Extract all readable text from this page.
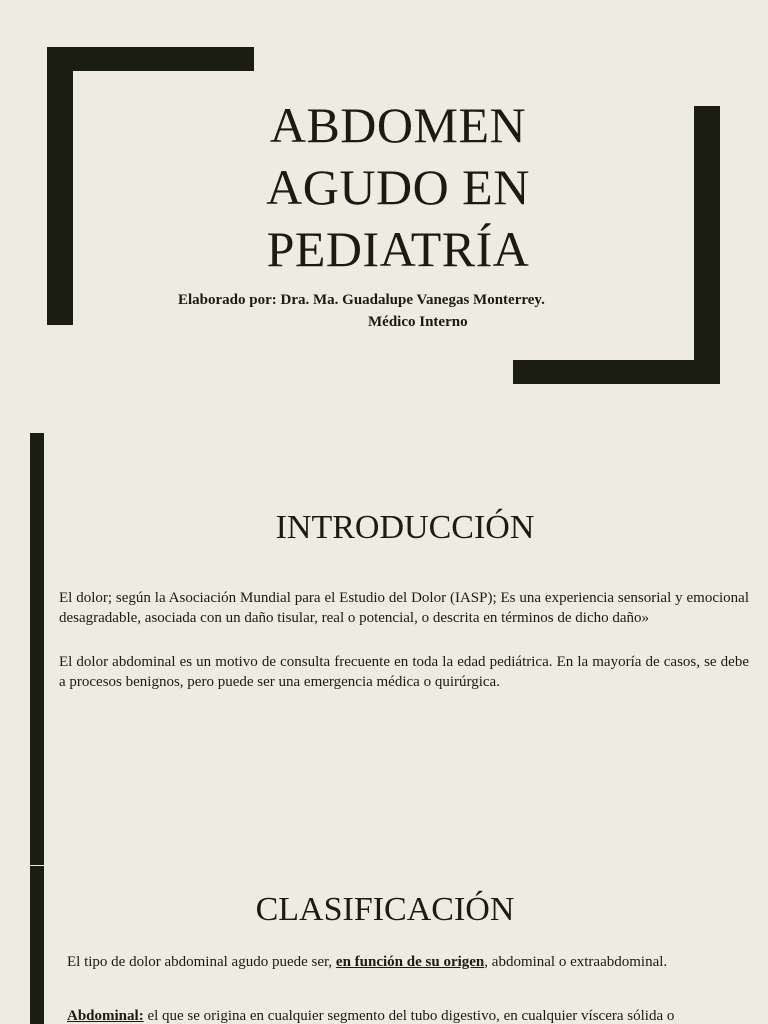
ABDOMEN
AGUDO EN
PEDIATRÍA
Elaborado por: Dra. Ma. Guadalupe Vanegas Monterrey.
Médico Interno
INTRODUCCIÓN

El dolor; según la Asociación Mundial para el Estudio del Dolor (IASP); Es una experiencia sensorial y emocional desagradable, asociada con un daño tisular, real o potencial, o descrita en términos de dicho daño»

El dolor abdominal es un motivo de consulta frecuente en toda la edad pediátrica. En la mayoría de casos, se debe a procesos benignos, pero puede ser una emergencia médica o quirúrgica.

CLASIFICACIÓN

El tipo de dolor abdominal agudo puede ser, en función de su origen, abdominal o extraabdominal.

Abdominal: el que se origina en cualquier segmento del tubo digestivo, en cualquier víscera sólida o
